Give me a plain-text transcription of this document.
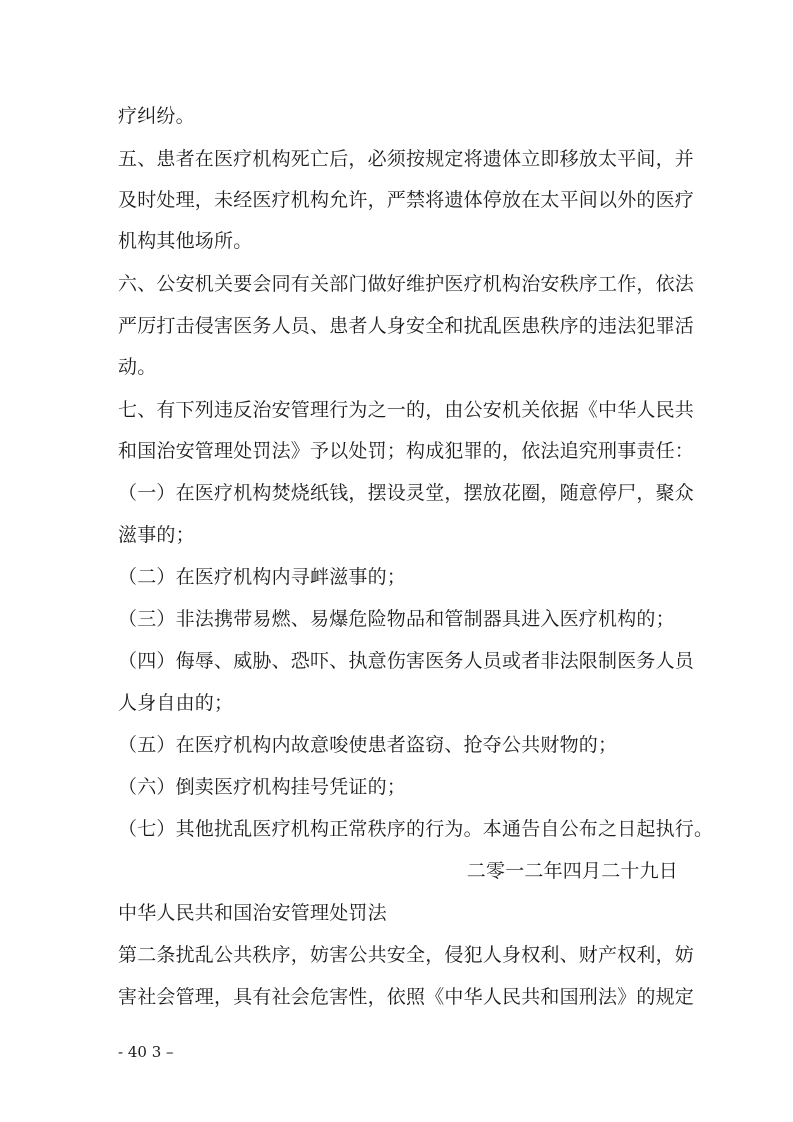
疗纠纷。
五、患者在医疗机构死亡后，必须按规定将遗体立即移放太平间，并
及时处理，未经医疗机构允许，严禁将遗体停放在太平间以外的医疗
机构其他场所。
六、公安机关要会同有关部门做好维护医疗机构治安秩序工作，依法
严厉打击侵害医务人员、患者人身安全和扰乱医患秩序的违法犯罪活
动。
七、有下列违反治安管理行为之一的，由公安机关依据《中华人民共
和国治安管理处罚法》予以处罚；构成犯罪的，依法追究刑事责任：
（一）在医疗机构焚烧纸钱，摆设灵堂，摆放花圈，随意停尸，聚众
滋事的；
（二）在医疗机构内寻衅滋事的；
（三）非法携带易燃、易爆危险物品和管制器具进入医疗机构的；
（四）侮辱、威胁、恐吓、执意伤害医务人员或者非法限制医务人员
人身自由的；
（五）在医疗机构内故意唆使患者盗窃、抢夺公共财物的；
（六）倒卖医疗机构挂号凭证的；
（七）其他扰乱医疗机构正常秩序的行为。本通告自公布之日起执行。
二零一二年四月二十九日
中华人民共和国治安管理处罚法
第二条扰乱公共秩序，妨害公共安全，侵犯人身权利、财产权利，妨
害社会管理，具有社会危害性，依照《中华人民共和国刑法》的规定
- 40 3 –
